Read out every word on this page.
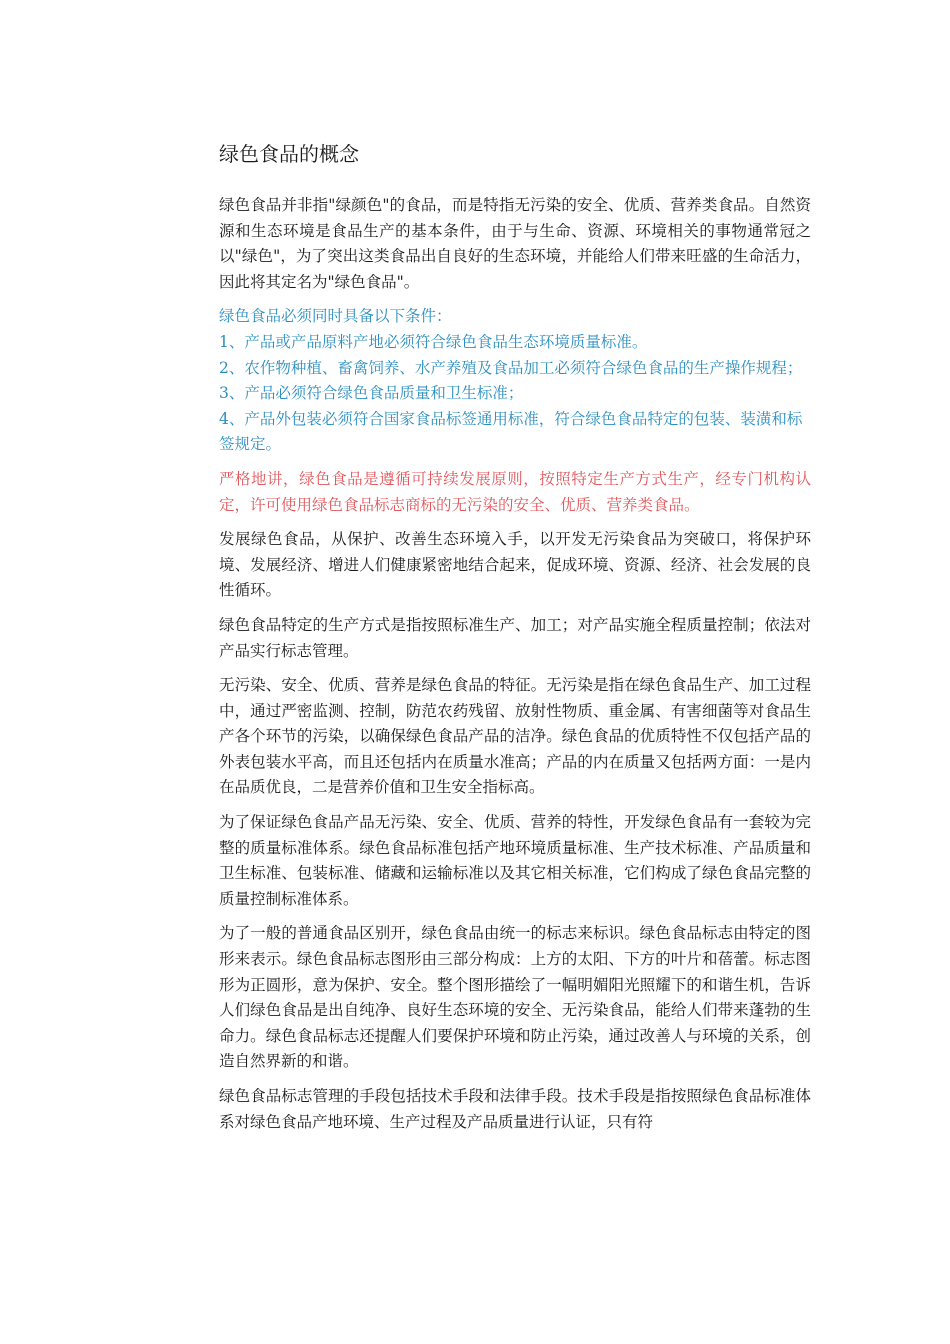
绿色食品的概念

绿色食品并非指"绿颜色"的食品，而是特指无污染的安全、优质、营养类食品。自然资源和生态环境是食品生产的基本条件，由于与生命、资源、环境相关的事物通常冠之以"绿色"，为了突出这类食品出自良好的生态环境，并能给人们带来旺盛的生命活力，因此将其定名为"绿色食品"。

绿色食品必须同时具备以下条件：
1、产品或产品原料产地必须符合绿色食品生态环境质量标准。
2、农作物种植、畜禽饲养、水产养殖及食品加工必须符合绿色食品的生产操作规程；
3、产品必须符合绿色食品质量和卫生标准；
4、产品外包装必须符合国家食品标签通用标准，符合绿色食品特定的包装、装潢和标签规定。

严格地讲，绿色食品是遵循可持续发展原则，按照特定生产方式生产，经专门机构认定，许可使用绿色食品标志商标的无污染的安全、优质、营养类食品。

发展绿色食品，从保护、改善生态环境入手，以开发无污染食品为突破口，将保护环境、发展经济、增进人们健康紧密地结合起来，促成环境、资源、经济、社会发展的良性循环。

绿色食品特定的生产方式是指按照标准生产、加工；对产品实施全程质量控制；依法对产品实行标志管理。

无污染、安全、优质、营养是绿色食品的特征。无污染是指在绿色食品生产、加工过程中，通过严密监测、控制，防范农药残留、放射性物质、重金属、有害细菌等对食品生产各个环节的污染，以确保绿色食品产品的洁净。绿色食品的优质特性不仅包括产品的外表包装水平高，而且还包括内在质量水准高；产品的内在质量又包括两方面：一是内在品质优良，二是营养价值和卫生安全指标高。

为了保证绿色食品产品无污染、安全、优质、营养的特性，开发绿色食品有一套较为完整的质量标准体系。绿色食品标准包括产地环境质量标准、生产技术标准、产品质量和卫生标准、包装标准、储藏和运输标准以及其它相关标准，它们构成了绿色食品完整的质量控制标准体系。

为了一般的普通食品区别开，绿色食品由统一的标志来标识。绿色食品标志由特定的图形来表示。绿色食品标志图形由三部分构成：上方的太阳、下方的叶片和蓓蕾。标志图形为正圆形，意为保护、安全。整个图形描绘了一幅明媚阳光照耀下的和谐生机，告诉人们绿色食品是出自纯净、良好生态环境的安全、无污染食品，能给人们带来蓬勃的生命力。绿色食品标志还提醒人们要保护环境和防止污染，通过改善人与环境的关系，创造自然界新的和谐。

绿色食品标志管理的手段包括技术手段和法律手段。技术手段是指按照绿色食品标准体系对绿色食品产地环境、生产过程及产品质量进行认证，只有符
